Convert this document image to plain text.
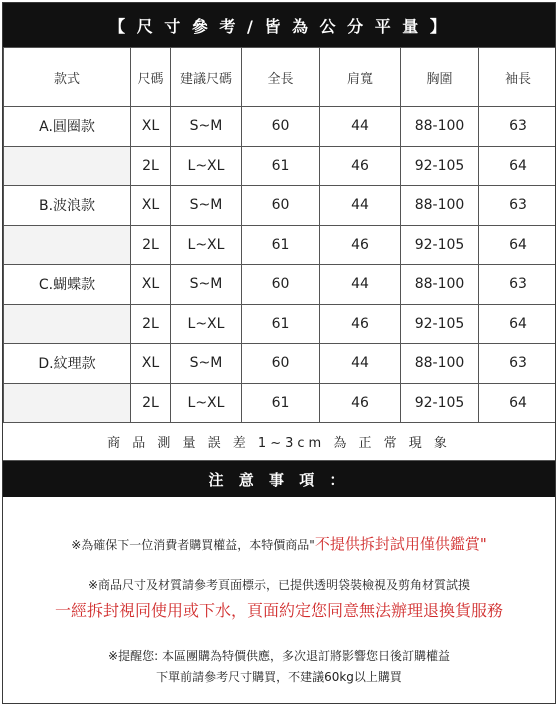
【 尺 寸 參 考 / 皆 為 公 分 平 量 】
款式	尺碼	建議尺碼	全長	肩寬	胸圍	袖長
A.圓圈款	XL	S~M	60	44	88-100	63
	2L	L~XL	61	46	92-105	64
B.波浪款	XL	S~M	60	44	88-100	63
	2L	L~XL	61	46	92-105	64
C.蝴蝶款	XL	S~M	60	44	88-100	63
	2L	L~XL	61	46	92-105	64
D.紋理款	XL	S~M	60	44	88-100	63
	2L	L~XL	61	46	92-105	64
商 品 測 量 誤 差 1~3cm 為 正 常 現 象
注 意 事 項 ：
※為確保下一位消費者購買權益，本特價商品"不提供拆封試用僅供鑑賞"
※商品尺寸及材質請參考頁面標示，已提供透明袋裝檢視及剪角材質試摸
一經拆封視同使用或下水，頁面約定您同意無法辦理退換貨服務
※提醒您: 本區團購為特價供應，多次退訂將影響您日後訂購權益
下單前請參考尺寸購買，不建議60kg以上購買
